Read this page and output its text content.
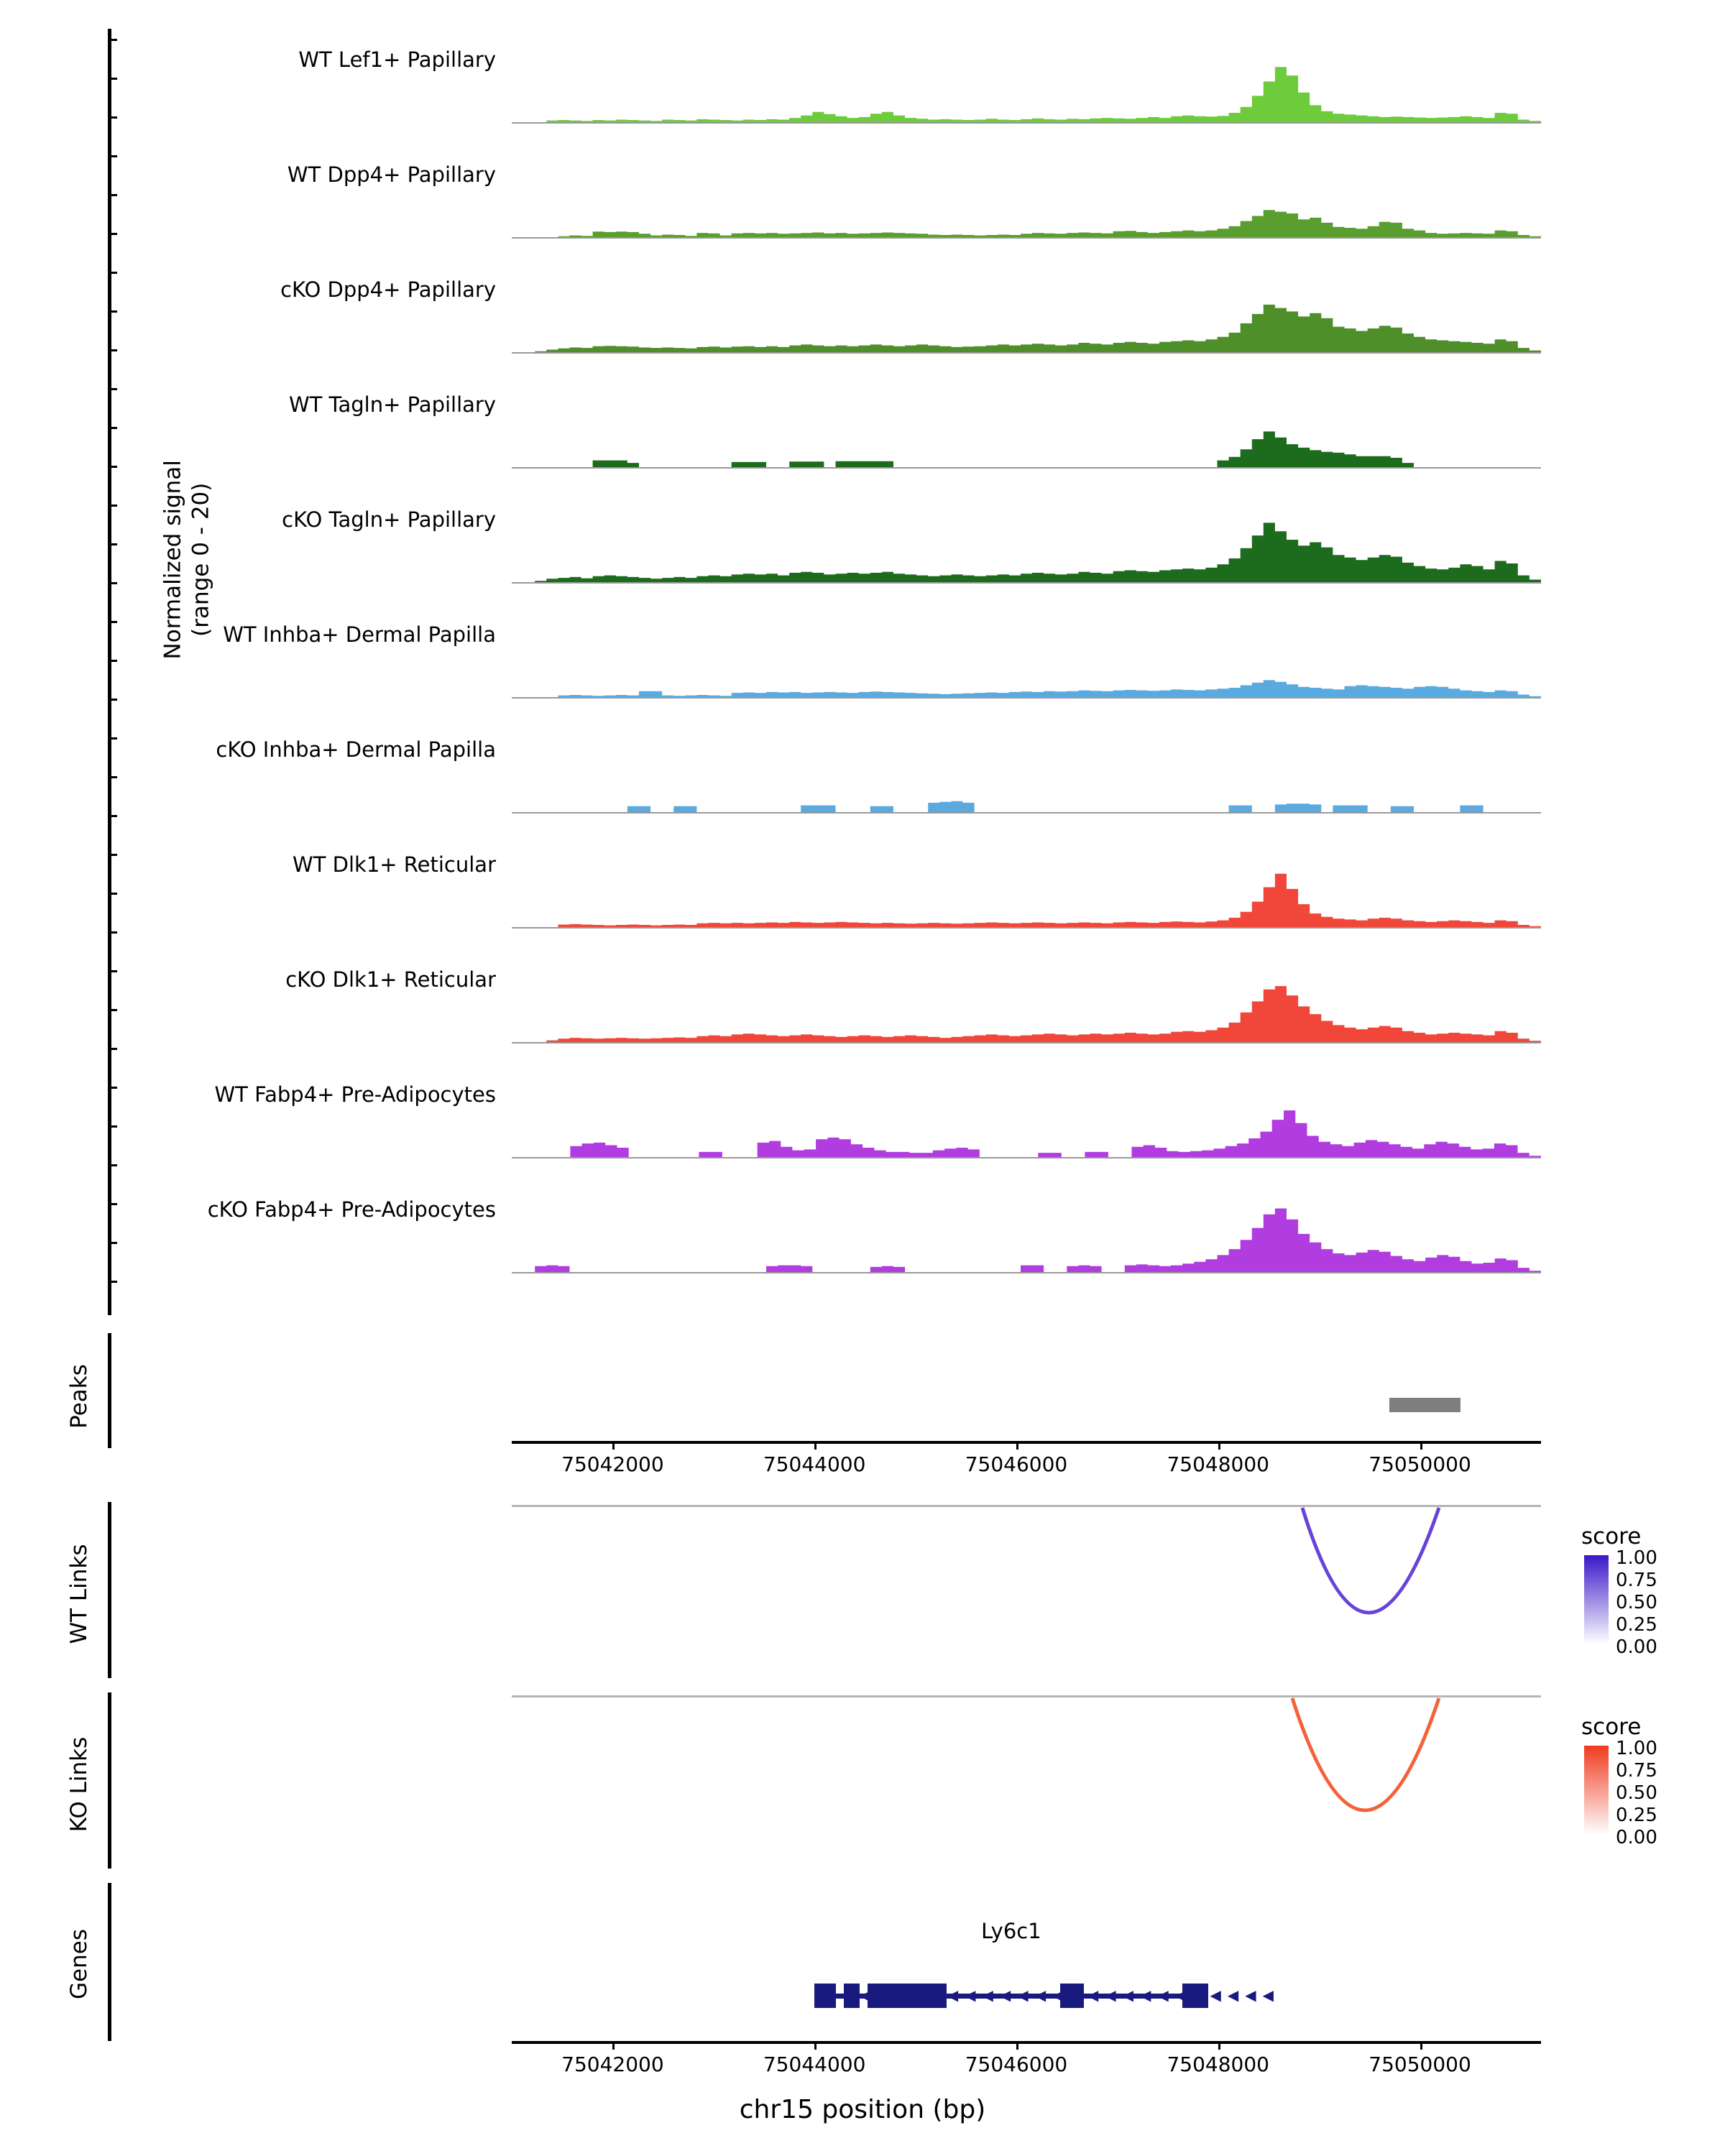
Normalized signal
(range 0 - 20)
WT Lef1+ Papillary
WT Dpp4+ Papillary
cKO Dpp4+ Papillary
WT Tagln+ Papillary
cKO Tagln+ Papillary
WT Inhba+ Dermal Papilla
cKO Inhba+ Dermal Papilla
WT Dlk1+ Reticular
cKO Dlk1+ Reticular
WT Fabp4+ Pre-Adipocytes
cKO Fabp4+ Pre-Adipocytes
Peaks
75042000	75044000	75046000	75048000	75050000
WT Links
score
1.00
0.75
0.50
0.25
0.00
KO Links
score
1.00
0.75
0.50
0.25
0.00
Genes	Ly6c1
◀◀◀◀◀◀◀◀◀◀◀◀◀◀◀◀◀◀◀◀◀◀◀◀◀
75042000	75044000	75046000	75048000	75050000
chr15 position (bp)
